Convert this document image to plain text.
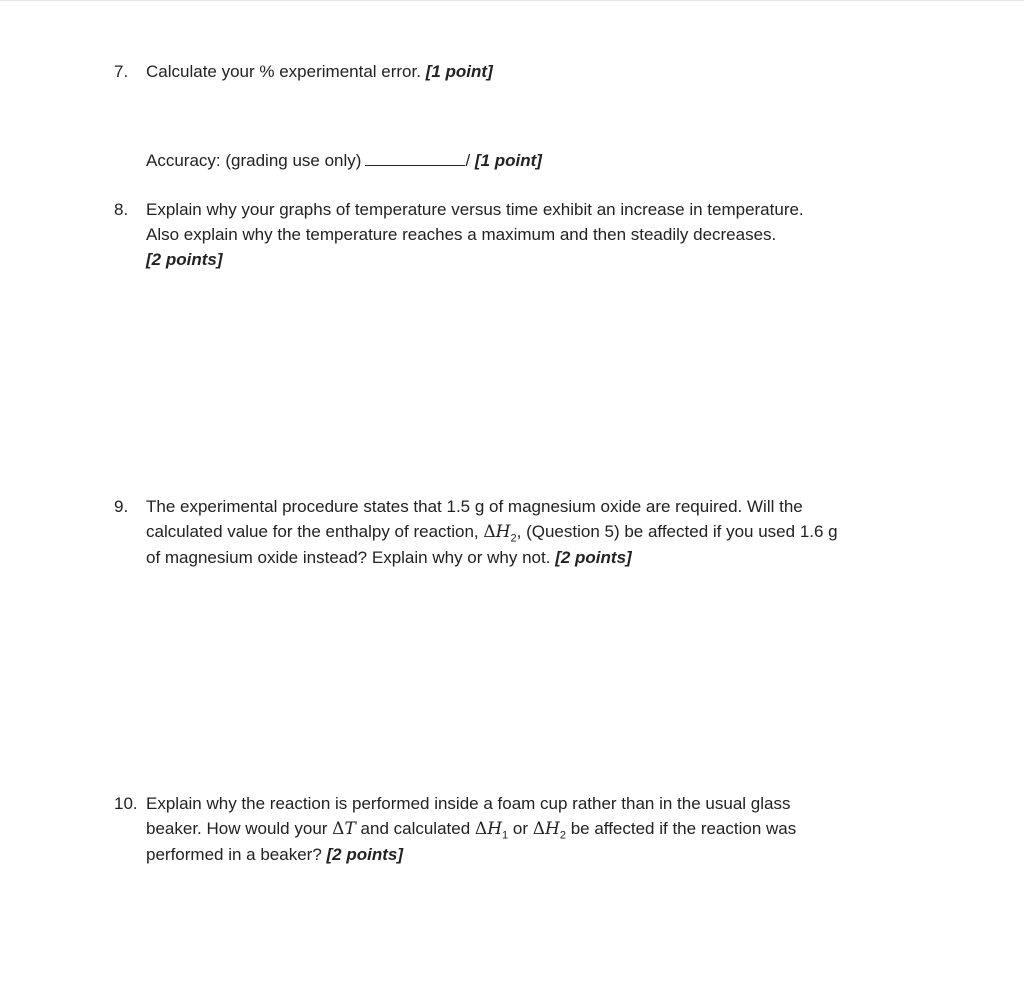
7.	Calculate your % experimental error. [1 point]
Accuracy: (grading use only)	/ [1 point]
8.	Explain why your graphs of temperature versus time exhibit an increase in temperature.
Also explain why the temperature reaches a maximum and then steadily decreases.
[2 points]
9.	The experimental procedure states that 1.5 g of magnesium oxide are required. Will the
calculated value for the enthalpy of reaction, $\Delta H_2$, (Question 5) be affected if you used 1.6 g
of magnesium oxide instead? Explain why or why not. [2 points]
10. Explain why the reaction is performed inside a foam cup rather than in the usual glass
beaker. How would your ΔT and calculated $\Delta H_1$ or $\Delta H_2$ be affected if the reaction was
performed in a beaker? [2 points]
